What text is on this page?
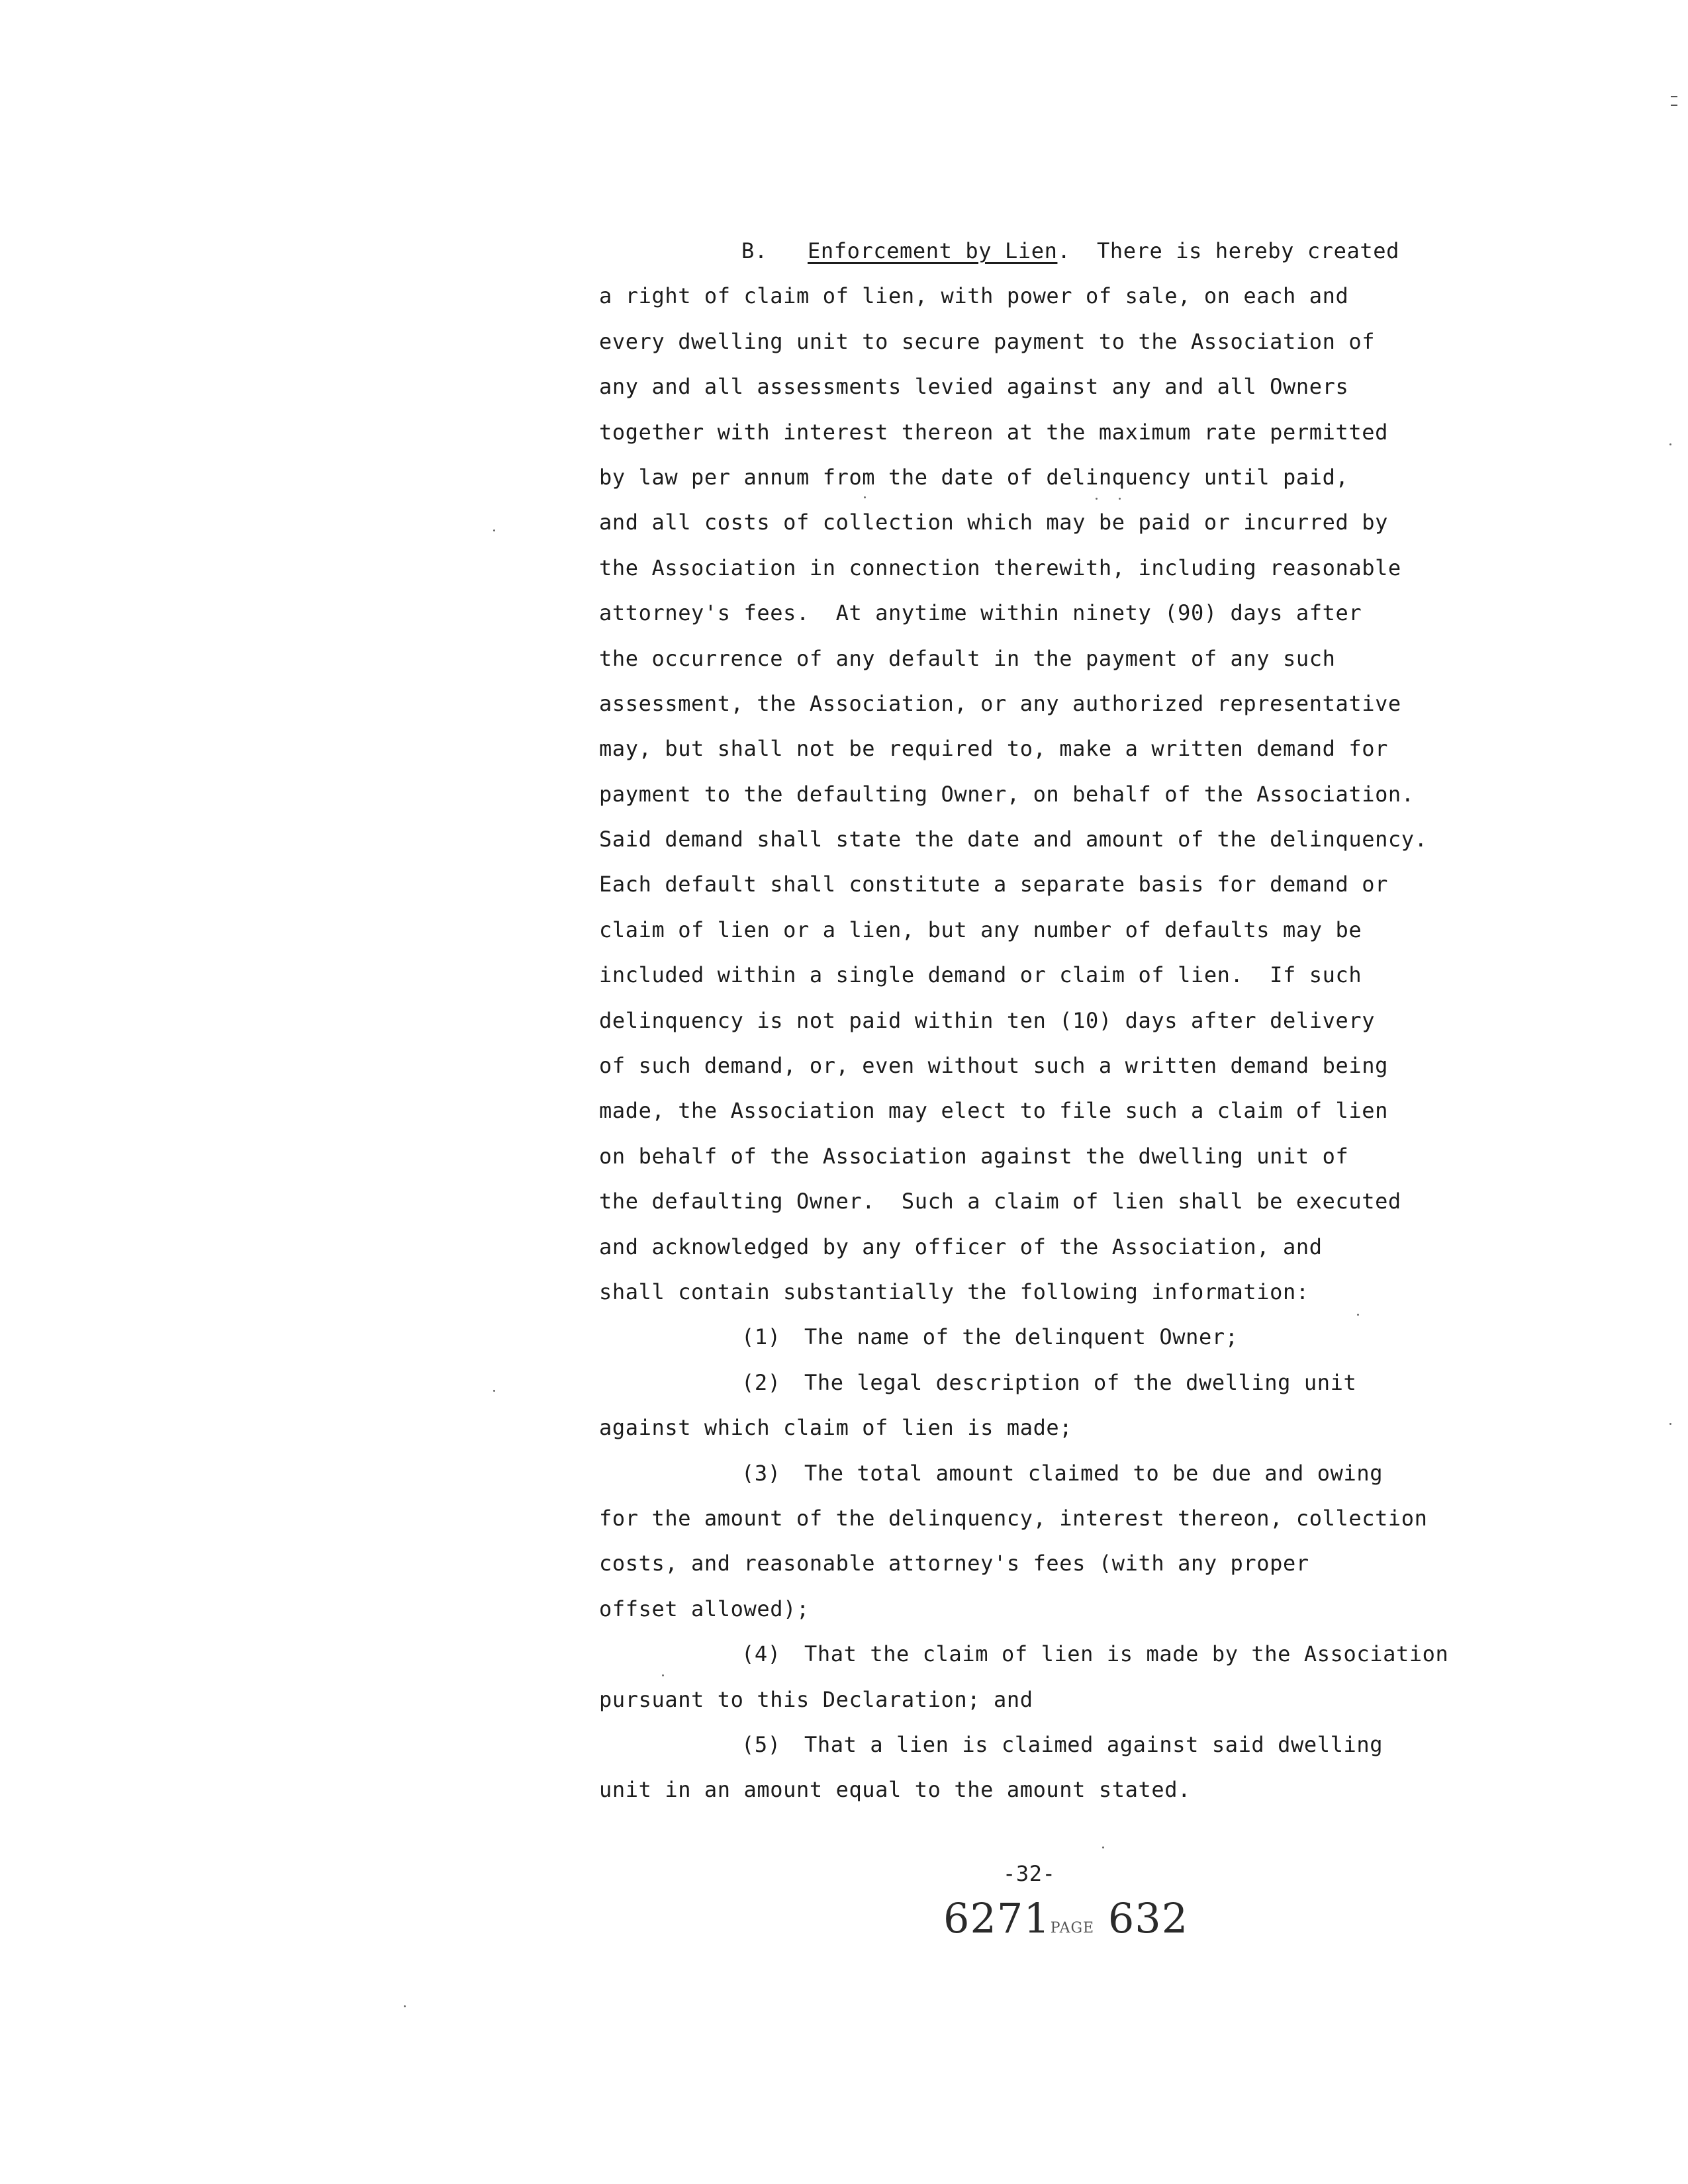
B. Enforcement by Lien.  There is hereby created
a right of claim of lien, with power of sale, on each and
every dwelling unit to secure payment to the Association of
any and all assessments levied against any and all Owners
together with interest thereon at the maximum rate permitted
by law per annum from the date of delinquency until paid,
and all costs of collection which may be paid or incurred by
the Association in connection therewith, including reasonable
attorney's fees.  At anytime within ninety (90) days after
the occurrence of any default in the payment of any such
assessment, the Association, or any authorized representative
may, but shall not be required to, make a written demand for
payment to the defaulting Owner, on behalf of the Association.
Said demand shall state the date and amount of the delinquency.
Each default shall constitute a separate basis for demand or
claim of lien or a lien, but any number of defaults may be
included within a single demand or claim of lien.  If such
delinquency is not paid within ten (10) days after delivery
of such demand, or, even without such a written demand being
made, the Association may elect to file such a claim of lien
on behalf of the Association against the dwelling unit of
the defaulting Owner.  Such a claim of lien shall be executed
and acknowledged by any officer of the Association, and
shall contain substantially the following information:
(1) The name of the delinquent Owner;
(2) The legal description of the dwelling unit
against which claim of lien is made;
(3) The total amount claimed to be due and owing
for the amount of the delinquency, interest thereon, collection
costs, and reasonable attorney's fees (with any proper
offset allowed);
(4) That the claim of lien is made by the Association
pursuant to this Declaration; and
(5) That a lien is claimed against said dwelling
unit in an amount equal to the amount stated.
-32-
6271PAGE 632
